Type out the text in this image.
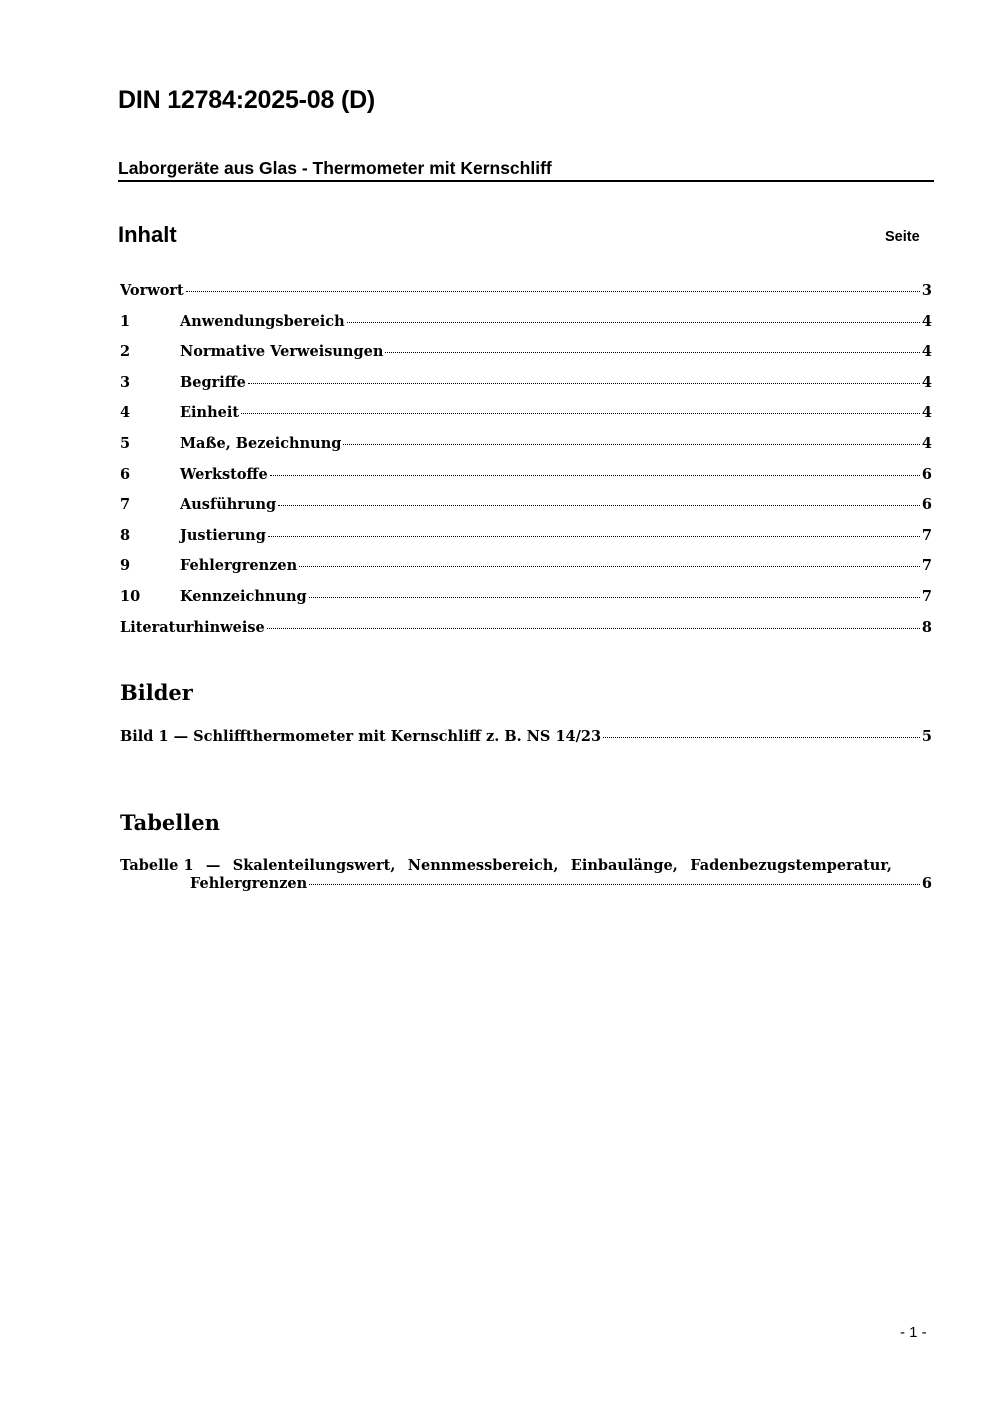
DIN 12784:2025-08 (D)
Laborgeräte aus Glas - Thermometer mit Kernschliff
Inhalt	Seite
Vorwort	3
1	Anwendungsbereich	4
2	Normative Verweisungen	4
3	Begriffe	4
4	Einheit	4
5	Maße, Bezeichnung	4
6	Werkstoffe	6
7	Ausführung	6
8	Justierung	7
9	Fehlergrenzen	7
10	Kennzeichnung	7
Literaturhinweise	8
Bilder
Bild 1 — Schliffthermometer mit Kernschliff z. B. NS 14/23	5
Tabellen
Tabelle 1 — Skalenteilungswert, Nennmessbereich, Einbaulänge, Fadenbezugstemperatur,
Fehlergrenzen	6
- 1 -
